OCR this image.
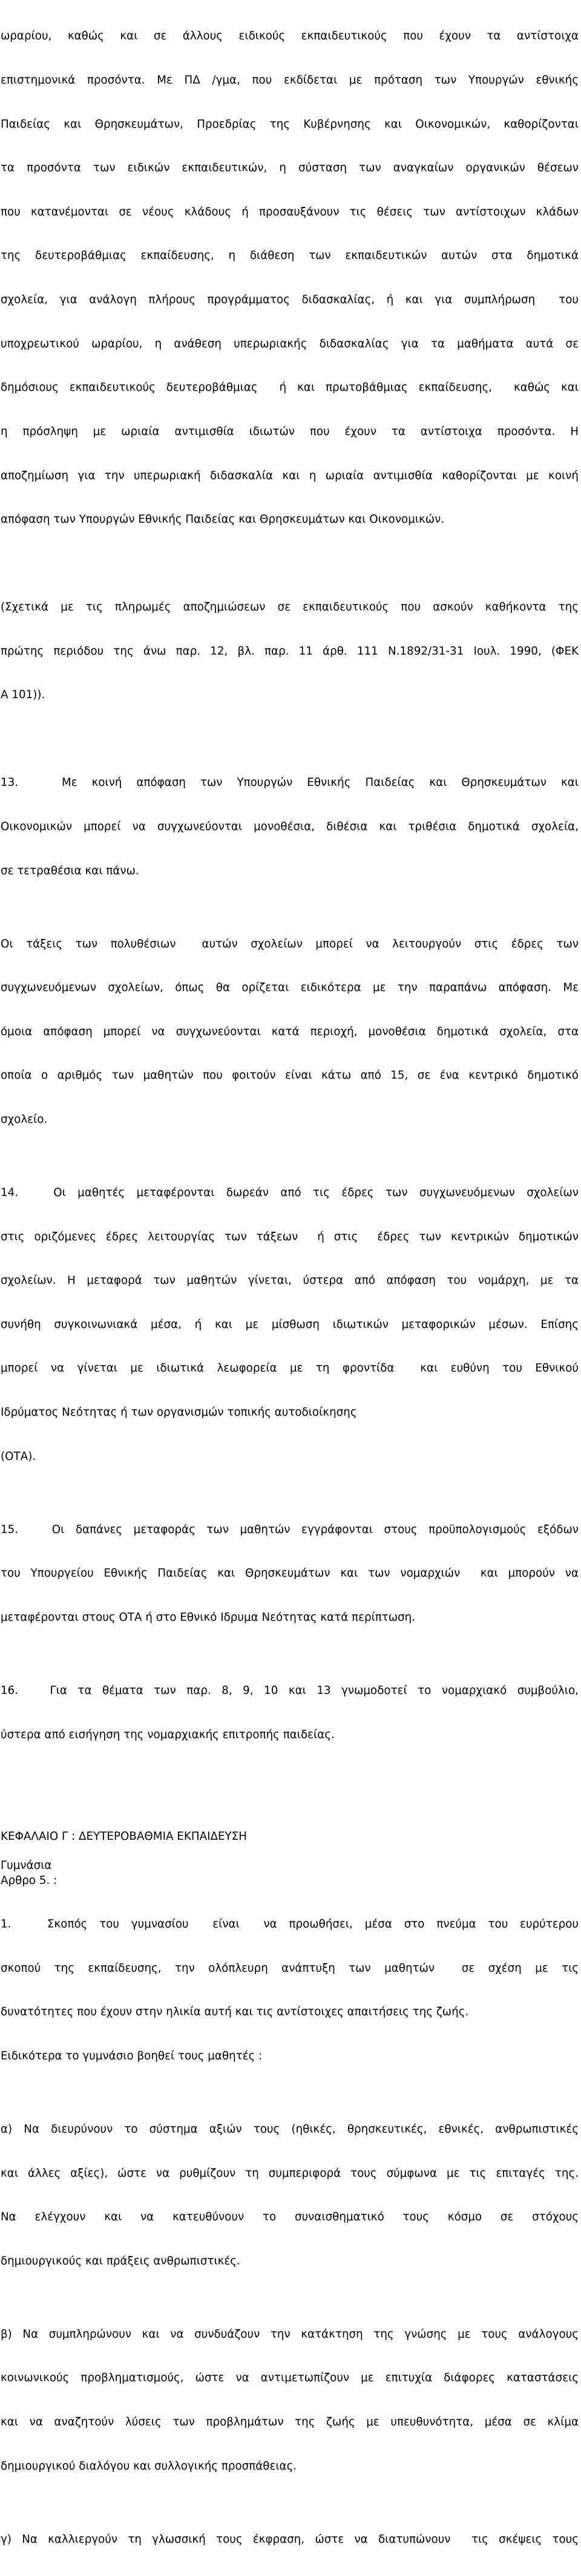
ωραρίου, καθώς και σε άλλους ειδικούς εκπαιδευτικούς που έχουν τα αντίστοιχα

επιστημονικά προσόντα. Με ΠΔ /γμα, που εκδίδεται με πρόταση των Υπουργών εθνικής

Παιδείας και Θρησκευμάτων, Προεδρίας της Κυβέρνησης και Οικονομικών, καθορίζονται

τα προσόντα των ειδικών εκπαιδευτικών, η σύσταση των αναγκαίων οργανικών θέσεων

που κατανέμονται σε νέους κλάδους ή προσαυξάνουν τις θέσεις των αντίστοιχων κλάδων

της δευτεροβάθμιας εκπαίδευσης, η διάθεση των εκπαιδευτικών αυτών στα δημοτικά

σχολεία, για ανάλογη πλήρους προγράμματος διδασκαλίας, ή και για συμπλήρωση  του

υποχρεωτικού ωραρίου, η ανάθεση υπερωριακής διδασκαλίας για τα μαθήματα αυτά σε

δημόσιους εκπαιδευτικούς δευτεροβάθμιας  ή και πρωτοβάθμιας εκπαίδευσης,  καθώς και

η πρόσληψη με ωριαία αντιμισθία ιδιωτών που έχουν τα αντίστοιχα προσόντα. Η

αποζημίωση για την υπερωριακή διδασκαλία και η ωριαία αντιμισθία καθορίζονται με κοινή

απόφαση των Υπουργών Εθνικής Παιδείας και Θρησκευμάτων και Οικονομικών.

(Σχετικά με τις πληρωμές αποζημιώσεων σε εκπαιδευτικούς που ασκούν καθήκοντα της

πρώτης περιόδου της άνω παρ. 12, βλ. παρ. 11 άρθ. 111 Ν.1892/31-31 Ιουλ. 1990, (ΦΕΚ

Α 101)).

13.   Με κοινή απόφαση των Υπουργών Εθνικής Παιδείας και Θρησκευμάτων και

Οικονομικών μπορεί να συγχωνεύονται μονοθέσια, διθέσια και τριθέσια δημοτικά σχολεία,

σε τετραθέσια και πάνω.

Οι τάξεις των πολυθέσιων  αυτών σχολείων μπορεί να λειτουργούν στις έδρες των

συγχωνευόμενων σχολείων, όπως θα ορίζεται ειδικότερα με την παραπάνω απόφαση. Με

όμοια απόφαση μπορεί να συγχωνεύονται κατά περιοχή, μονοθέσια δημοτικά σχολεία, στα

οποία ο αριθμός των μαθητών που φοιτούν είναι κάτω από 15, σε ένα κεντρικό δημοτικό

σχολείο.

14.   Οι μαθητές μεταφέρονται δωρεάν από τις έδρες των συγχωνευόμενων σχολείων

στις οριζόμενες έδρες λειτουργίας των τάξεων  ή στις  έδρες των κεντρικών δημοτικών

σχολείων. Η μεταφορά των μαθητών γίνεται, ύστερα από απόφαση του νομάρχη, με τα

συνήθη συγκοινωνιακά μέσα, ή και με μίσθωση ιδιωτικών μεταφορικών μέσων. Επίσης

μπορεί να γίνεται με ιδιωτικά λεωφορεία με τη φροντίδα  και ευθύνη του Εθνικού

Ιδρύματος Νεότητας ή των οργανισμών τοπικής αυτοδιοίκησης

(ΟΤΑ).

15.   Οι δαπάνες μεταφοράς των μαθητών εγγράφονται στους προϋπολογισμούς εξόδων

του Υπουργείου Εθνικής Παιδείας και Θρησκευμάτων και των νομαρχιών  και μπορούν να

μεταφέρονται στους ΟΤΑ ή στο Εθνικό Ιδρυμα Νεότητας κατά περίπτωση.

16.   Για τα θέματα των παρ. 8, 9, 10 και 13 γνωμοδοτεί το νομαρχιακό συμβούλιο,

ύστερα από εισήγηση της νομαρχιακής επιτροπής παιδείας.

ΚΕΦΑΛΑΙΟ Γ : ΔΕΥΤΕΡΟΒΑΘΜΙΑ ΕΚΠΑΙΔΕΥΣΗ
Γυμνάσια
Αρθρο 5. :

1.   Σκοπός του γυμνασίου  είναι  να προωθήσει, μέσα στο πνεύμα του ευρύτερου

σκοπού της εκπαίδευσης, την ολόπλευρη ανάπτυξη των μαθητών  σε σχέση με τις

δυνατότητες που έχουν στην ηλικία αυτή και τις αντίστοιχες απαιτήσεις της ζωής.

Ειδικότερα το γυμνάσιο βοηθεί τους μαθητές :

α) Να διευρύνουν το σύστημα αξιών τους (ηθικές, θρησκευτικές, εθνικές, ανθρωπιστικές

και άλλες αξίες), ώστε να ρυθμίζουν τη συμπεριφορά τους σύμφωνα με τις επιταγές της.

Να ελέγχουν και να κατευθύνουν το συναισθηματικό τους κόσμο σε στόχους

δημιουργικούς και πράξεις ανθρωπιστικές.

β) Να συμπληρώνουν και να συνδυάζουν την κατάκτηση της γνώσης με τους ανάλογους

κοινωνικούς προβληματισμούς, ώστε να αντιμετωπίζουν με επιτυχία διάφορες καταστάσεις

και να αναζητούν λύσεις των προβλημάτων της ζωής με υπευθυνότητα, μέσα σε κλίμα

δημιουργικού διαλόγου και συλλογικής προσπάθειας.

γ) Να καλλιεργούν τη γλωσσική τους έκφραση, ώστε να διατυπώνουν  τις σκέψεις τους
